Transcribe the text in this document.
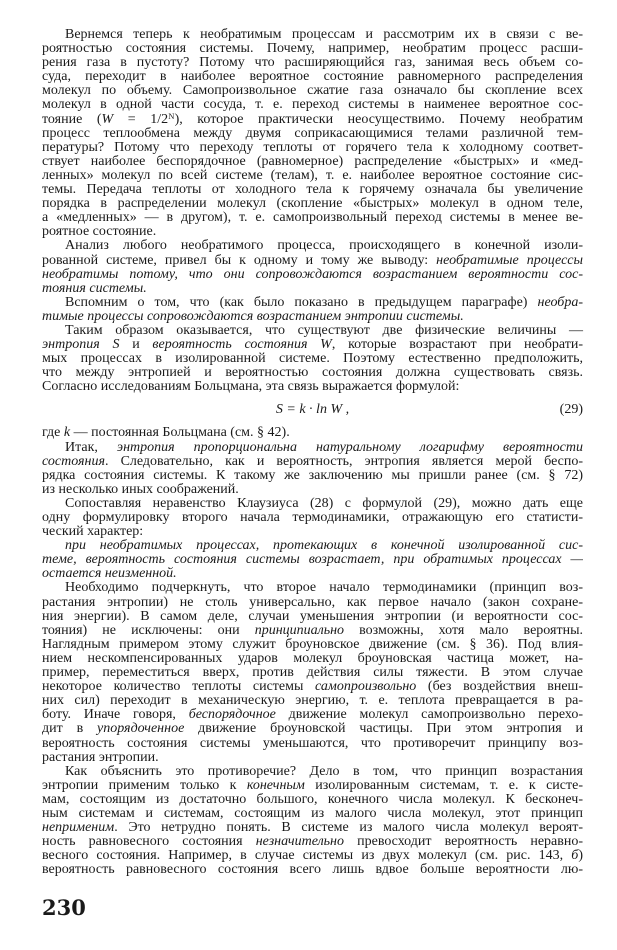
Вернемся теперь к необратимым процессам и рассмотрим их в связи с ве-
роятностью состояния системы. Почему, например, необратим процесс расши-
рения газа в пустоту? Потому что расширяющийся газ, занимая весь объем со-
суда, переходит в наиболее вероятное состояние равномерного распределения
молекул по объему. Самопроизвольное сжатие газа означало бы скопление всех
молекул в одной части сосуда, т. е. переход системы в наименее вероятное сос-
тояние (W = 1/2ᴺ), которое практически неосуществимо. Почему необратим
процесс теплообмена между двумя соприкасающимися телами различной тем-
пературы? Потому что переходу теплоты от горячего тела к холодному соответ-
ствует наиболее беспорядочное (равномерное) распределение «быстрых» и «мед-
ленных» молекул по всей системе (телам), т. е. наиболее вероятное состояние сис-
темы. Передача теплоты от холодного тела к горячему означала бы увеличение
порядка в распределении молекул (скопление «быстрых» молекул в одном теле,
а «медленных» — в другом), т. е. самопроизвольный переход системы в менее ве-
роятное состояние.
Анализ любого необратимого процесса, происходящего в конечной изоли-
рованной системе, привел бы к одному и тому же выводу: необратимые процессы
необратимы потому, что они сопровождаются возрастанием вероятности сос-
тояния системы.
Вспомним о том, что (как было показано в предыдущем параграфе) необра-
тимые процессы сопровождаются возрастанием энтропии системы.
Таким образом оказывается, что существуют две физические величины —
энтропия S и вероятность состояния W, которые возрастают при необрати-
мых процессах в изолированной системе. Поэтому естественно предположить,
что между энтропией и вероятностью состояния должна существовать связь.
Согласно исследованиям Больцмана, эта связь выражается формулой:
S = k · ln W ,	(29)
где k — постоянная Больцмана (см. § 42).
Итак, энтропия пропорциональна натуральному логарифму вероятности
состояния. Следовательно, как и вероятность, энтропия является мерой беспо-
рядка состояния системы. К такому же заключению мы пришли ранее (см. § 72)
из несколько иных соображений.
Сопоставляя неравенство Клаузиуса (28) с формулой (29), можно дать еще
одну формулировку второго начала термодинамики, отражающую его статисти-
ческий характер:
при необратимых процессах, протекающих в конечной изолированной сис-
теме, вероятность состояния системы возрастает, при обратимых процессах —
остается неизменной.
Необходимо подчеркнуть, что второе начало термодинамики (принцип воз-
растания энтропии) не столь универсально, как первое начало (закон сохране-
ния энергии). В самом деле, случаи уменьшения энтропии (и вероятности сос-
тояния) не исключены: они принципиально возможны, хотя мало вероятны.
Наглядным примером этому служит броуновское движение (см. § 36). Под влия-
нием нескомпенсированных ударов молекул броуновская частица может, на-
пример, переместиться вверх, против действия силы тяжести. В этом случае
некоторое количество теплоты системы самопроизвольно (без воздействия внеш-
них сил) переходит в механическую энергию, т. е. теплота превращается в ра-
боту. Иначе говоря, беспорядочное движение молекул самопроизвольно перехо-
дит в упорядоченное движение броуновской частицы. При этом энтропия и
вероятность состояния системы уменьшаются, что противоречит принципу воз-
растания энтропии.
Как объяснить это противоречие? Дело в том, что принцип возрастания
энтропии применим только к конечным изолированным системам, т. е. к систе-
мам, состоящим из достаточно большого, конечного числа молекул. К бесконеч-
ным системам и системам, состоящим из малого числа молекул, этот принцип
неприменим. Это нетрудно понять. В системе из малого числа молекул вероят-
ность равновесного состояния незначительно превосходит вероятность неравно-
весного состояния. Например, в случае системы из двух молекул (см. рис. 143, б)
вероятность равновесного состояния всего лишь вдвое больше вероятности лю-
230
